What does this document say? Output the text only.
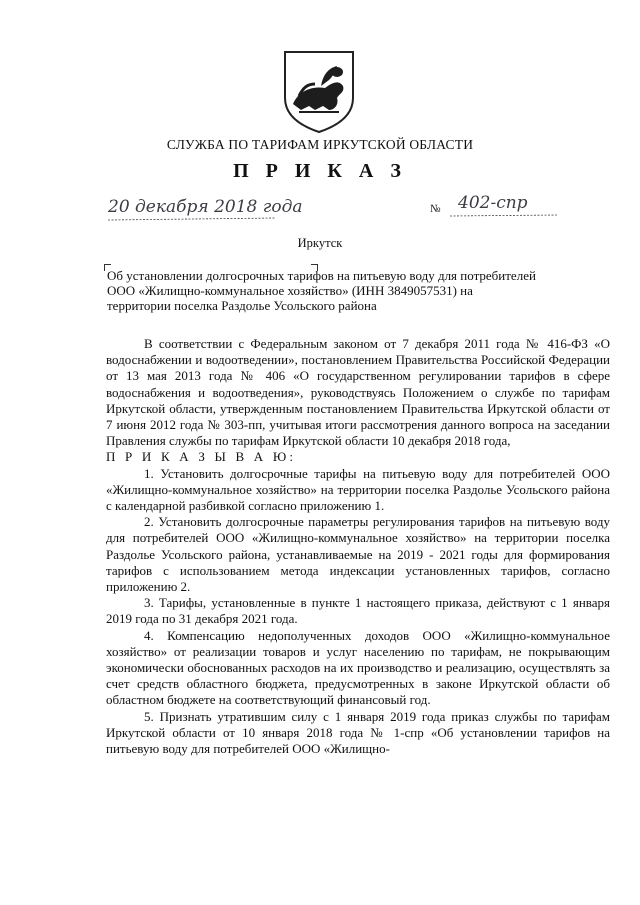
СЛУЖБА ПО ТАРИФАМ ИРКУТСКОЙ ОБЛАСТИ
П Р И К А З
20 декабря 2018 года	№ 402-спр
Иркутск
Об установлении долгосрочных тарифов на питьевую воду для потребителей ООО «Жилищно-коммунальное хозяйство» (ИНН 3849057531) на территории поселка Раздолье Усольского района

В соответствии с Федеральным законом от 7 декабря 2011 года № 416-ФЗ «О водоснабжении и водоотведении», постановлением Правительства Российской Федерации от 13 мая 2013 года № 406 «О государственном регулировании тарифов в сфере водоснабжения и водоотведения», руководствуясь Положением о службе по тарифам Иркутской области, утвержденным постановлением Правительства Иркутской области от 7 июня 2012 года № 303-пп, учитывая итоги рассмотрения данного вопроса на заседании Правления службы по тарифам Иркутской области 10 декабря 2018 года,

П Р И К А З Ы В А Ю:

1. Установить долгосрочные тарифы на питьевую воду для потребителей ООО «Жилищно-коммунальное хозяйство» на территории поселка Раздолье Усольского района с календарной разбивкой согласно приложению 1.

2. Установить долгосрочные параметры регулирования тарифов на питьевую воду для потребителей ООО «Жилищно-коммунальное хозяйство» на территории поселка Раздолье Усольского района, устанавливаемые на 2019 - 2021 годы для формирования тарифов с использованием метода индексации установленных тарифов, согласно приложению 2.

3. Тарифы, установленные в пункте 1 настоящего приказа, действуют с 1 января 2019 года по 31 декабря 2021 года.

4. Компенсацию недополученных доходов ООО «Жилищно-коммунальное хозяйство» от реализации товаров и услуг населению по тарифам, не покрывающим экономически обоснованных расходов на их производство и реализацию, осуществлять за счет средств областного бюджета, предусмотренных в законе Иркутской области об областном бюджете на соответствующий финансовый год.

5. Признать утратившим силу с 1 января 2019 года приказ службы по тарифам Иркутской области от 10 января 2018 года № 1-спр «Об установлении тарифов на питьевую воду для потребителей ООО «Жилищно-
